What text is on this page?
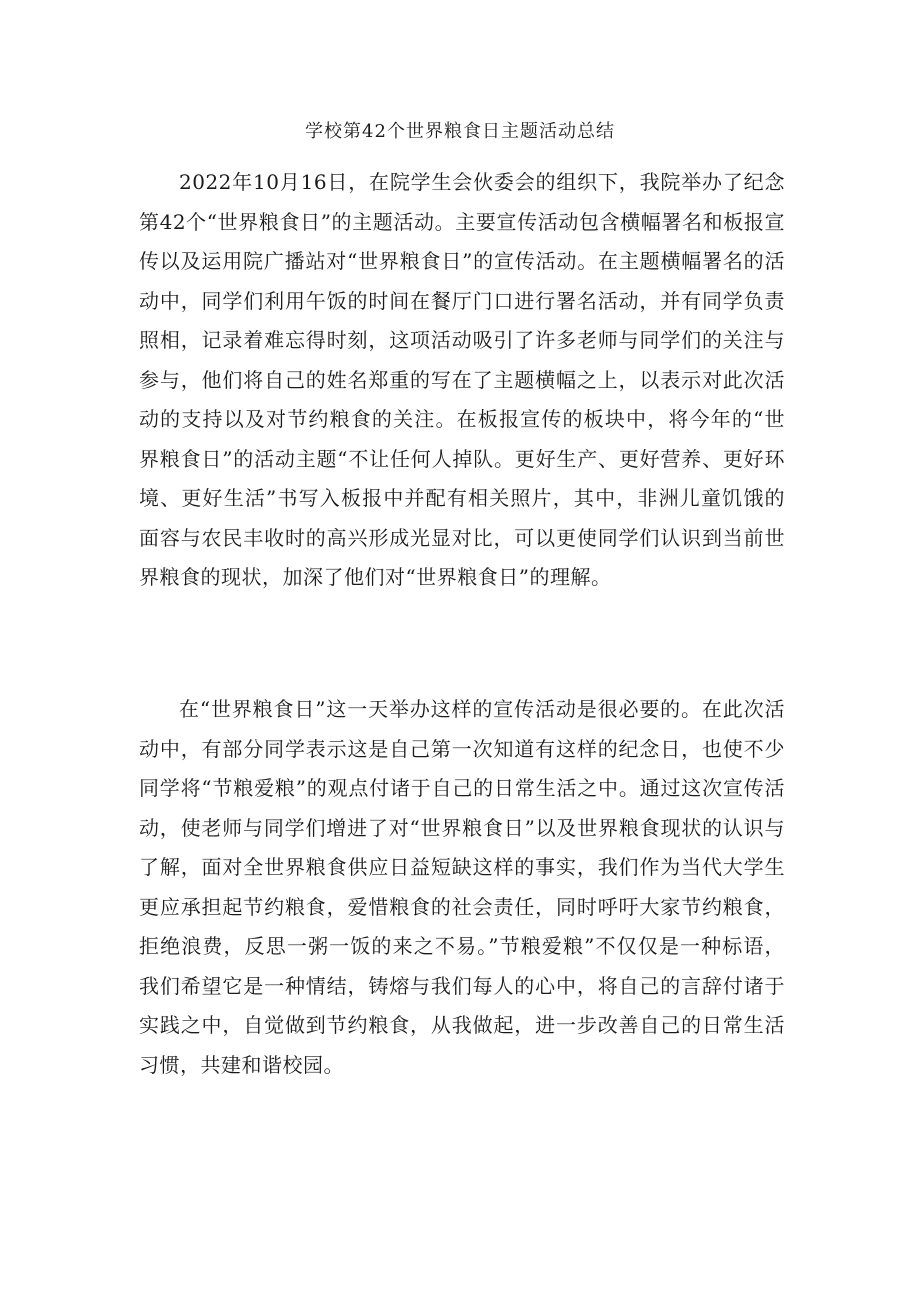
学校第42个世界粮食日主题活动总结

2022年10月16日，在院学生会伙委会的组织下，我院举办了纪念第42个“世界粮食日”的主题活动。主要宣传活动包含横幅署名和板报宣传以及运用院广播站对“世界粮食日”的宣传活动。在主题横幅署名的活动中，同学们利用午饭的时间在餐厅门口进行署名活动，并有同学负责照相，记录着难忘得时刻，这项活动吸引了许多老师与同学们的关注与参与，他们将自己的姓名郑重的写在了主题横幅之上，以表示对此次活动的支持以及对节约粮食的关注。在板报宣传的板块中，将今年的“世界粮食日”的活动主题“不让任何人掉队。更好生产、更好营养、更好环境、更好生活”书写入板报中并配有相关照片，其中，非洲儿童饥饿的面容与农民丰收时的高兴形成光显对比，可以更使同学们认识到当前世界粮食的现状，加深了他们对“世界粮食日”的理解。

在“世界粮食日”这一天举办这样的宣传活动是很必要的。在此次活动中，有部分同学表示这是自己第一次知道有这样的纪念日，也使不少同学将“节粮爱粮”的观点付诸于自己的日常生活之中。通过这次宣传活动，使老师与同学们增进了对“世界粮食日”以及世界粮食现状的认识与了解，面对全世界粮食供应日益短缺这样的事实，我们作为当代大学生更应承担起节约粮食，爱惜粮食的社会责任，同时呼吁大家节约粮食，拒绝浪费，反思一粥一饭的来之不易。”节粮爱粮”不仅仅是一种标语，我们希望它是一种情结，铸熔与我们每人的心中，将自己的言辞付诸于实践之中，自觉做到节约粮食，从我做起，进一步改善自己的日常生活习惯，共建和谐校园。
